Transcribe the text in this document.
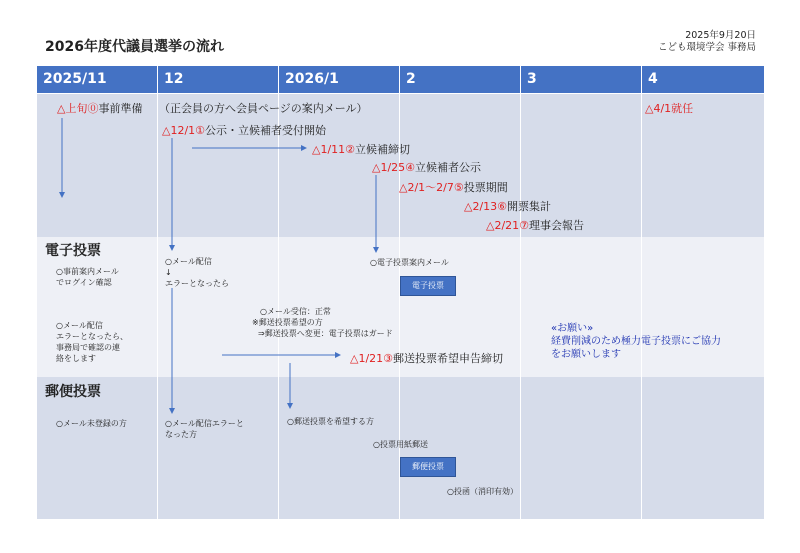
2026年度代議員選挙の流れ
2025年9月20日
こども環境学会 事務局
2025/11	12	2026/1	2	3	4
△上旬⓪事前準備 （正会員の方へ会員ページの案内メール）
△12/1①公示・立候補者受付開始
△1/11②立候補締切
△1/25④立候補者公示
△2/1～2/7⑤投票期間
△2/13⑥開票集計
△2/21⑦理事会報告
△4/1就任
電子投票
○事前案内メール
でログイン確認
○メール配信
エラーとなったら、
事務局で確認の連
絡をします
○メール配信
↓
エラーとなったら
○電子投票案内メール
電子投票
○メール受信：正常
※郵送投票希望の方
⇒郵送投票へ変更：電子投票はガード
△1/21③郵送投票希望申告締切
«お願い»
経費削減のため極力電子投票にご協力
をお願いします
郵便投票
○メール未登録の方	○メール配信エラーと
なった方
○郵送投票を希望する方
○投票用紙郵送
郵便投票
○投函（消印有効）
